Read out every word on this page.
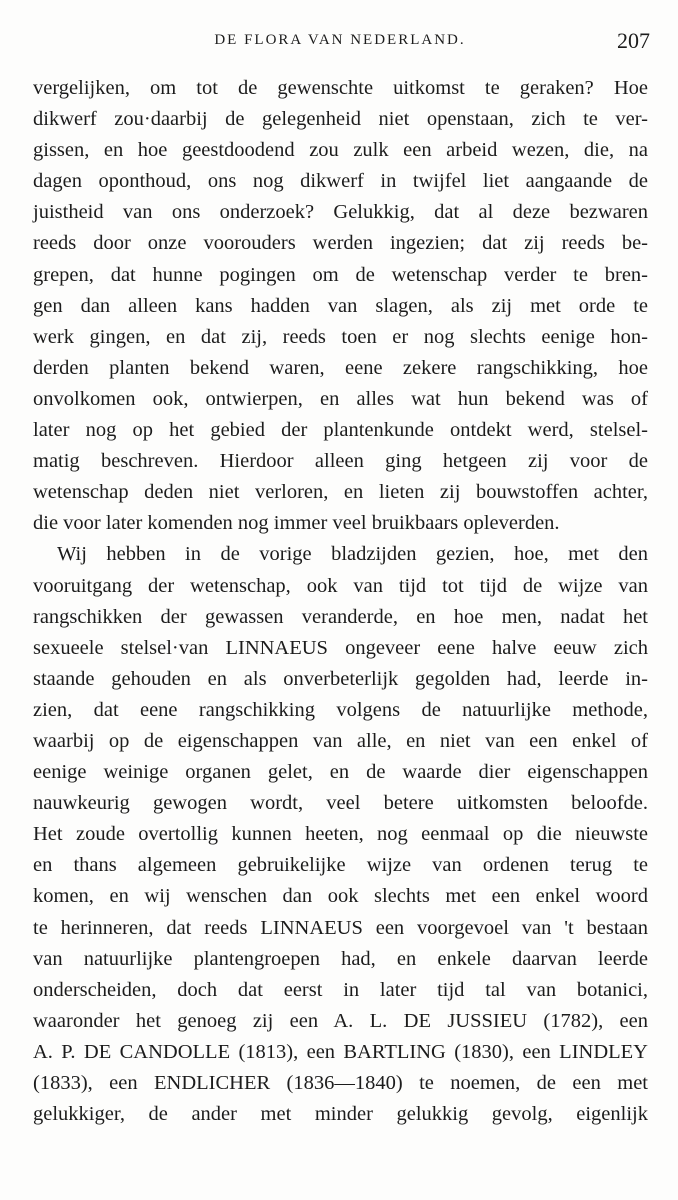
DE FLORA VAN NEDERLAND.	207
vergelijken, om tot de gewenschte uitkomst te geraken? Hoe
dikwerf zou·daarbij de gelegenheid niet openstaan, zich te ver-
gissen, en hoe geestdoodend zou zulk een arbeid wezen, die, na
dagen oponthoud, ons nog dikwerf in twijfel liet aangaande de
juistheid van ons onderzoek? Gelukkig, dat al deze bezwaren
reeds door onze voorouders werden ingezien; dat zij reeds be-
grepen, dat hunne pogingen om de wetenschap verder te bren-
gen dan alleen kans hadden van slagen, als zij met orde te
werk gingen, en dat zij, reeds toen er nog slechts eenige hon-
derden planten bekend waren, eene zekere rangschikking, hoe
onvolkomen ook, ontwierpen, en alles wat hun bekend was of
later nog op het gebied der plantenkunde ontdekt werd, stelsel-
matig beschreven. Hierdoor alleen ging hetgeen zij voor de
wetenschap deden niet verloren, en lieten zij bouwstoffen achter,
die voor later komenden nog immer veel bruikbaars opleverden.
Wij hebben in de vorige bladzijden gezien, hoe, met den
vooruitgang der wetenschap, ook van tijd tot tijd de wijze van
rangschikken der gewassen veranderde, en hoe men, nadat het
sexueele stelsel·van LINNAEUS ongeveer eene halve eeuw zich
staande gehouden en als onverbeterlijk gegolden had, leerde in-
zien, dat eene rangschikking volgens de natuurlijke methode,
waarbij op de eigenschappen van alle, en niet van een enkel of
eenige weinige organen gelet, en de waarde dier eigenschappen
nauwkeurig gewogen wordt, veel betere uitkomsten beloofde.
Het zoude overtollig kunnen heeten, nog eenmaal op die nieuwste
en thans algemeen gebruikelijke wijze van ordenen terug te
komen, en wij wenschen dan ook slechts met een enkel woord
te herinneren, dat reeds LINNAEUS een voorgevoel van 't bestaan
van natuurlijke plantengroepen had, en enkele daarvan leerde
onderscheiden, doch dat eerst in later tijd tal van botanici,
waaronder het genoeg zij een A. L. DE JUSSIEU (1782), een
A. P. DE CANDOLLE (1813), een BARTLING (1830), een LINDLEY
(1833), een ENDLICHER (1836—1840) te noemen, de een met
gelukkiger, de ander met minder gelukkig gevolg, eigenlijk
